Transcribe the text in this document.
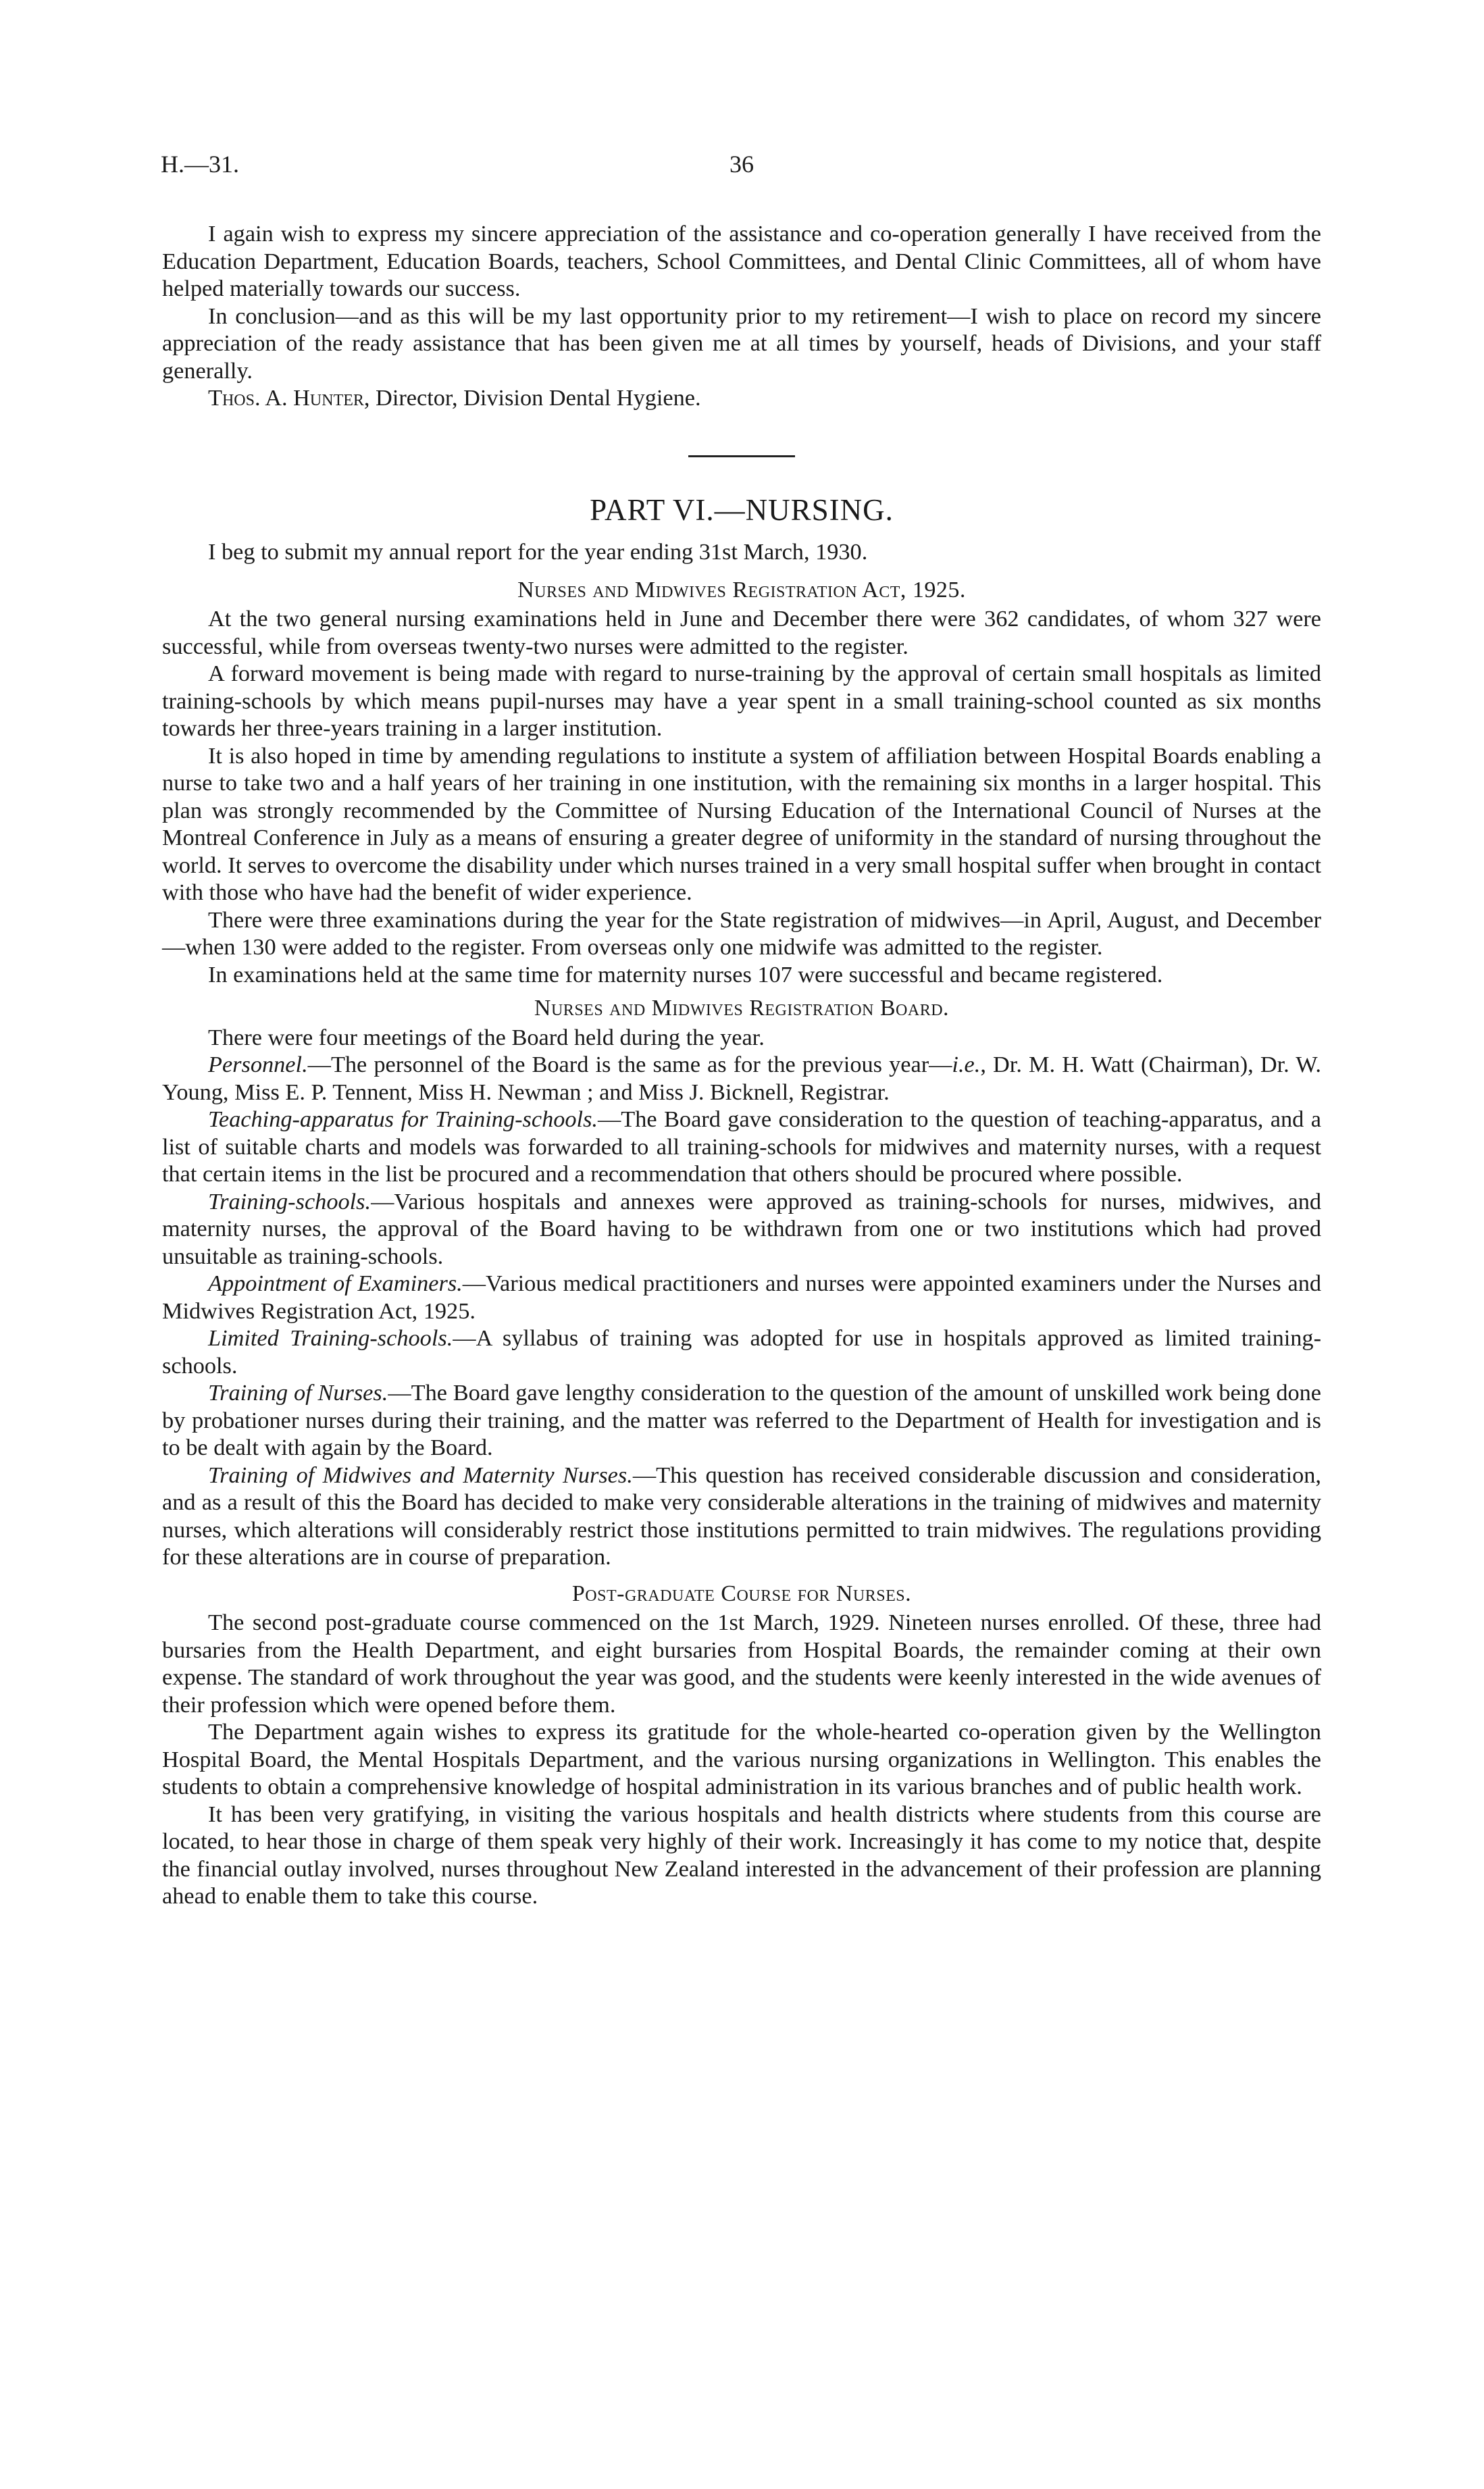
H.—31.	36

I again wish to express my sincere appreciation of the assistance and co-operation generally I have received from the Education Department, Education Boards, teachers, School Committees, and Dental Clinic Committees, all of whom have helped materially towards our success.

In conclusion—and as this will be my last opportunity prior to my retirement—I wish to place on record my sincere appreciation of the ready assistance that has been given me at all times by yourself, heads of Divisions, and your staff generally.

Thos. A. Hunter, Director, Division Dental Hygiene.

PART VI.—NURSING.

I beg to submit my annual report for the year ending 31st March, 1930.

Nurses and Midwives Registration Act, 1925.

At the two general nursing examinations held in June and December there were 362 candidates, of whom 327 were successful, while from overseas twenty-two nurses were admitted to the register.

A forward movement is being made with regard to nurse-training by the approval of certain small hospitals as limited training-schools by which means pupil-nurses may have a year spent in a small training-school counted as six months towards her three-years training in a larger institution.

It is also hoped in time by amending regulations to institute a system of affiliation between Hospital Boards enabling a nurse to take two and a half years of her training in one institution, with the remaining six months in a larger hospital. This plan was strongly recommended by the Committee of Nursing Education of the International Council of Nurses at the Montreal Conference in July as a means of ensuring a greater degree of uniformity in the standard of nursing throughout the world. It serves to overcome the disability under which nurses trained in a very small hospital suffer when brought in contact with those who have had the benefit of wider experience.

There were three examinations during the year for the State registration of midwives—in April, August, and December—when 130 were added to the register. From overseas only one midwife was admitted to the register.

In examinations held at the same time for maternity nurses 107 were successful and became registered.

Nurses and Midwives Registration Board.

There were four meetings of the Board held during the year.

Personnel.—The personnel of the Board is the same as for the previous year—i.e., Dr. M. H. Watt (Chairman), Dr. W. Young, Miss E. P. Tennent, Miss H. Newman ; and Miss J. Bicknell, Registrar.

Teaching-apparatus for Training-schools.—The Board gave consideration to the question of teaching-apparatus, and a list of suitable charts and models was forwarded to all training-schools for midwives and maternity nurses, with a request that certain items in the list be procured and a recommendation that others should be procured where possible.

Training-schools.—Various hospitals and annexes were approved as training-schools for nurses, midwives, and maternity nurses, the approval of the Board having to be withdrawn from one or two institutions which had proved unsuitable as training-schools.

Appointment of Examiners.—Various medical practitioners and nurses were appointed examiners under the Nurses and Midwives Registration Act, 1925.

Limited Training-schools.—A syllabus of training was adopted for use in hospitals approved as limited training-schools.

Training of Nurses.—The Board gave lengthy consideration to the question of the amount of unskilled work being done by probationer nurses during their training, and the matter was referred to the Department of Health for investigation and is to be dealt with again by the Board.

Training of Midwives and Maternity Nurses.—This question has received considerable discussion and consideration, and as a result of this the Board has decided to make very considerable alterations in the training of midwives and maternity nurses, which alterations will considerably restrict those institutions permitted to train midwives. The regulations providing for these alterations are in course of preparation.

Post-graduate Course for Nurses.

The second post-graduate course commenced on the 1st March, 1929. Nineteen nurses enrolled. Of these, three had bursaries from the Health Department, and eight bursaries from Hospital Boards, the remainder coming at their own expense. The standard of work throughout the year was good, and the students were keenly interested in the wide avenues of their profession which were opened before them.

The Department again wishes to express its gratitude for the whole-hearted co-operation given by the Wellington Hospital Board, the Mental Hospitals Department, and the various nursing organizations in Wellington. This enables the students to obtain a comprehensive knowledge of hospital administration in its various branches and of public health work.

It has been very gratifying, in visiting the various hospitals and health districts where students from this course are located, to hear those in charge of them speak very highly of their work. Increasingly it has come to my notice that, despite the financial outlay involved, nurses throughout New Zealand interested in the advancement of their profession are planning ahead to enable them to take this course.
